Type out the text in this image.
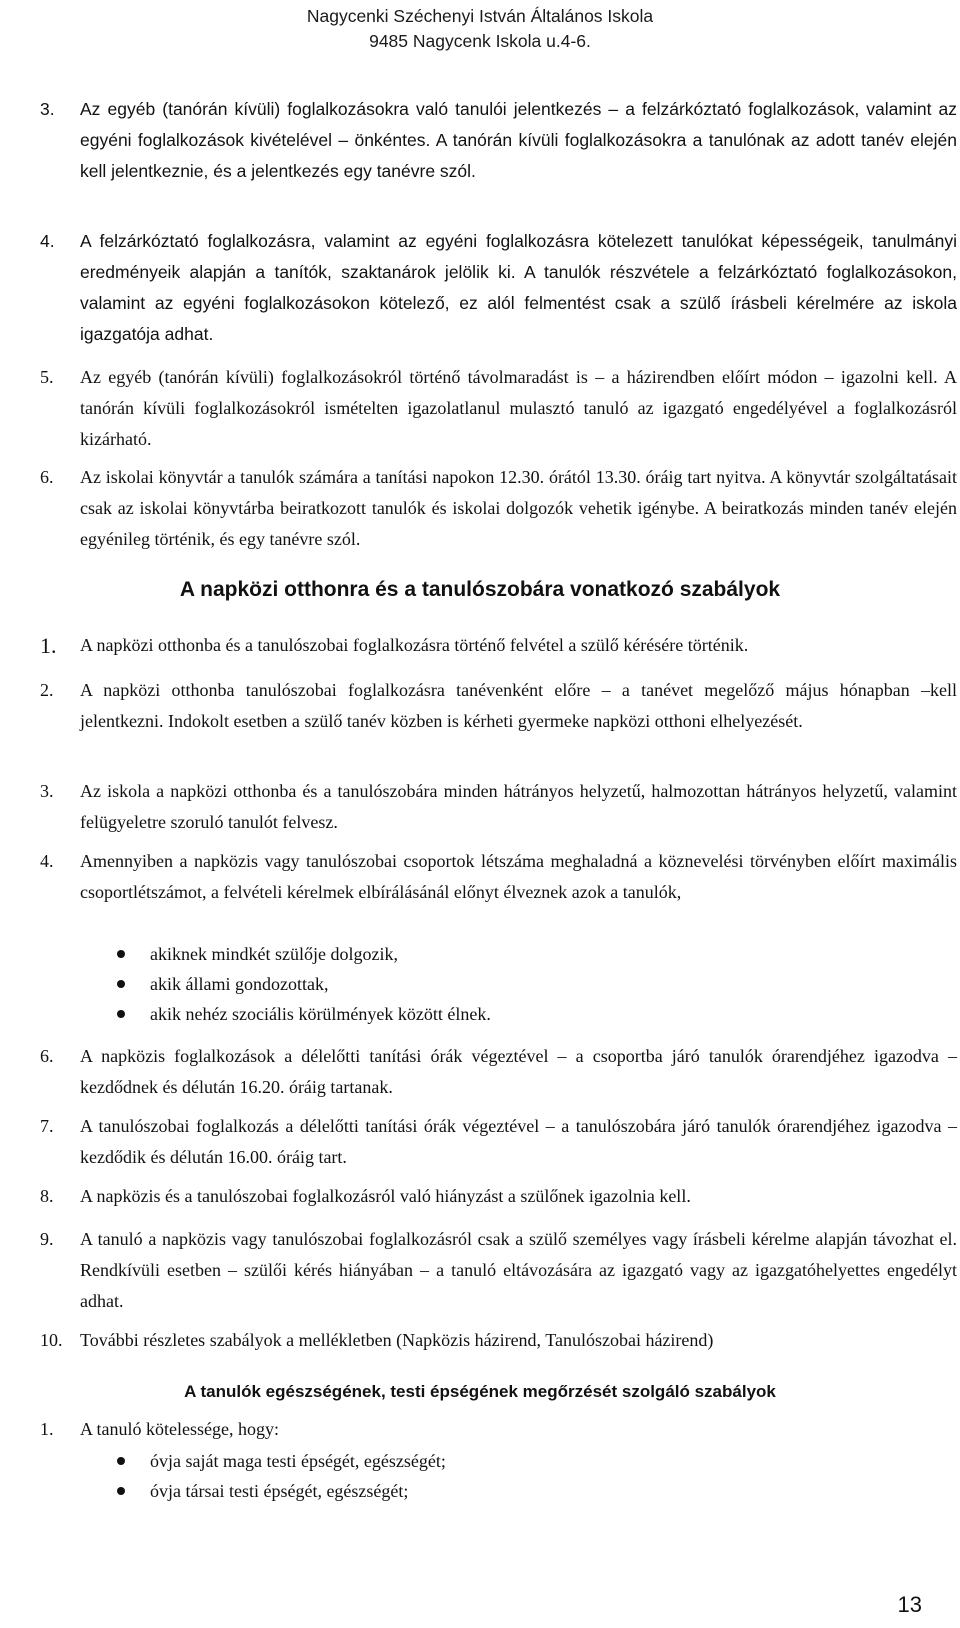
Nagycenki Széchenyi István Általános Iskola
9485 Nagycenk Iskola u.4-6.
3. Az egyéb (tanórán kívüli) foglalkozásokra való tanulói jelentkezés – a felzárkóztató foglalkozások, valamint az egyéni foglalkozások kivételével – önkéntes. A tanórán kívüli foglalkozásokra a tanulónak az adott tanév elején kell jelentkeznie, és a jelentkezés egy tanévre szól.
4. A felzárkóztató foglalkozásra, valamint az egyéni foglalkozásra kötelezett tanulókat képességeik, tanulmányi eredményeik alapján a tanítók, szaktanárok jelölik ki. A tanulók részvétele a felzárkóztató foglalkozásokon, valamint az egyéni foglalkozásokon kötelező, ez alól felmentést csak a szülő írásbeli kérelmére az iskola igazgatója adhat.
5. Az egyéb (tanórán kívüli) foglalkozásokról történő távolmaradást is – a házirendben előírt módon – igazolni kell. A tanórán kívüli foglalkozásokról ismételten igazolatlanul mulasztó tanuló az igazgató engedélyével a foglalkozásról kizárható.
6. Az iskolai könyvtár a tanulók számára a tanítási napokon 12.30. órától 13.30. óráig tart nyitva. A könyvtár szolgáltatásait csak az iskolai könyvtárba beiratkozott tanulók és iskolai dolgozók vehetik igénybe. A beiratkozás minden tanév elején egyénileg történik, és egy tanévre szól.
A napközi otthonra és a tanulószobára vonatkozó szabályok
1. A napközi otthonba és a tanulószobai foglalkozásra történő felvétel a szülő kérésére történik.
2. A napközi otthonba tanulószobai foglalkozásra tanévenként előre – a tanévet megelőző május hónapban –kell jelentkezni. Indokolt esetben a szülő tanév közben is kérheti gyermeke napközi otthoni elhelyezését.
3. Az iskola a napközi otthonba és a tanulószobára minden hátrányos helyzetű, halmozottan hátrányos helyzetű, valamint felügyeletre szoruló tanulót felvesz.
4. Amennyiben a napközis vagy tanulószobai csoportok létszáma meghaladná a köznevelési törvényben előírt maximális csoportlétszámot, a felvételi kérelmek elbírálásánál előnyt élveznek azok a tanulók,
akiknek mindkét szülője dolgozik,
akik állami gondozottak,
akik nehéz szociális körülmények között élnek.
6. A napközis foglalkozások a délelőtti tanítási órák végeztével – a csoportba járó tanulók órarendjéhez igazodva – kezdődnek és délután 16.20. óráig tartanak.
7. A tanulószobai foglalkozás a délelőtti tanítási órák végeztével – a tanulószobára járó tanulók órarendjéhez igazodva – kezdődik és délután 16.00. óráig tart.
8. A napközis és a tanulószobai foglalkozásról való hiányzást a szülőnek igazolnia kell.
9. A tanuló a napközis vagy tanulószobai foglalkozásról csak a szülő személyes vagy írásbeli kérelme alapján távozhat el. Rendkívüli esetben – szülői kérés hiányában – a tanuló eltávozására az igazgató vagy az igazgatóhelyettes engedélyt adhat.
10. További részletes szabályok a mellékletben (Napközis házirend, Tanulószobai házirend)
A tanulók egészségének, testi épségének megőrzését szolgáló szabályok
1. A tanuló kötelessége, hogy:
óvja saját maga testi épségét, egészségét;
óvja társai testi épségét, egészségét;
13
